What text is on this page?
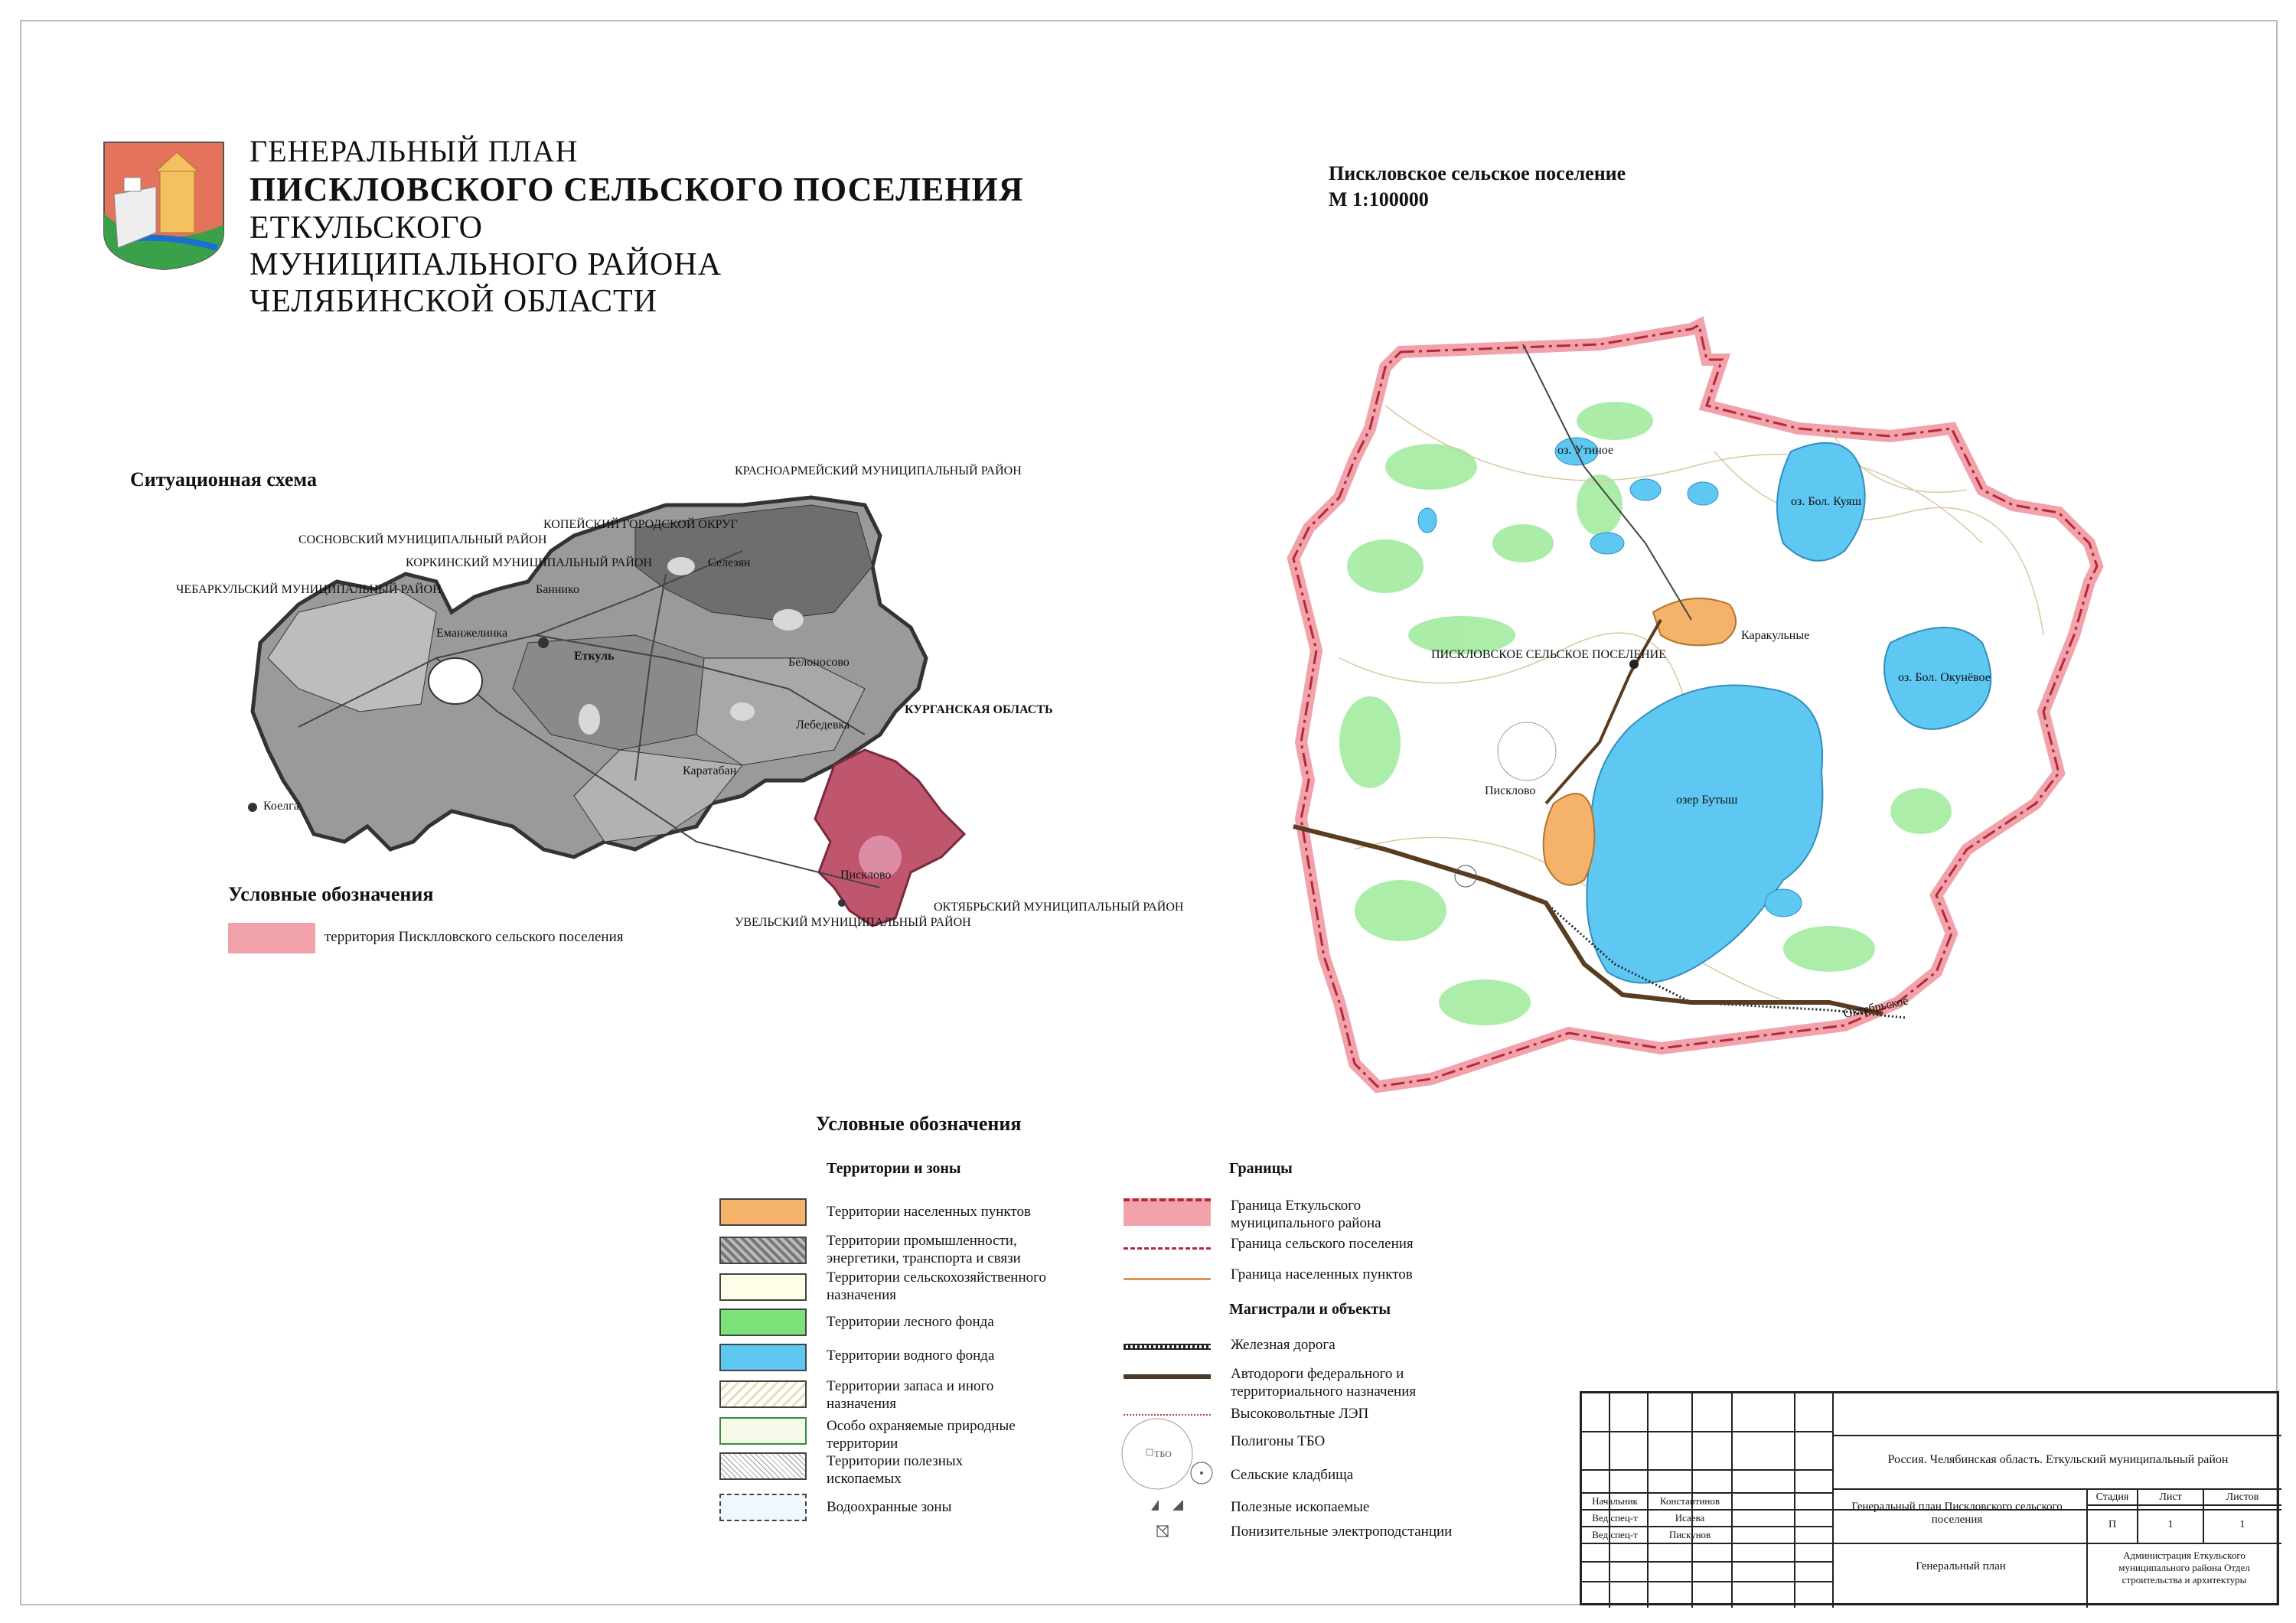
ГЕНЕРАЛЬНЫЙ ПЛАН
ПИСКЛОВСКОГО СЕЛЬСКОГО ПОСЕЛЕНИЯ
ЕТКУЛЬСКОГО
МУНИЦИПАЛЬНОГО РАЙОНА
ЧЕЛЯБИНСКОЙ ОБЛАСТИ
Ситуационная схема
Еткуль
Писклово
Лебедевка
Белоносово
Селезян
Каратабан
КУРГАНСКАЯ ОБЛАСТЬ
КРАСНОАРМЕЙСКИЙ МУНИЦИПАЛЬНЫЙ РАЙОН
УВЕЛЬСКИЙ МУНИЦИПАЛЬНЫЙ РАЙОН
ЧЕБАРКУЛЬСКИЙ МУНИЦИПАЛЬНЫЙ РАЙОН
СОСНОВСКИЙ МУНИЦИПАЛЬНЫЙ РАЙОН
КОРКИНСКИЙ МУНИЦИПАЛЬНЫЙ РАЙОН
КОПЕЙСКИЙ ГОРОДСКОЙ ОКРУГ
ОКТЯБРЬСКИЙ МУНИЦИПАЛЬНЫЙ РАЙОН
Коелга
Еманжелинка
Баннико
Условные обозначения
территория Писклловского сельского поселения
Пискловское сельское поселение
М 1:100000
ПИСКЛОВСКОЕ СЕЛЬСКОЕ ПОСЕЛЕНИЕ
Писклово
Октябрьское
озер Бутыш
оз. Утиное
оз. Бол. Куяш
оз. Бол. Окунёвое
Каракульные
Условные обозначения
Территории и зоны
Территории населенных пунктов
Территории промышленности, энергетики, транспорта и связи
Территории сельскохозяйственного назначения
Территории лесного фонда
Территории водного фонда
Территории запаса и иного назначения
Особо охраняемые природные территории
Территории полезных ископаемых
Водоохранные зоны
Границы
Граница Еткульского муниципального района
Граница сельского поселения
Граница населенных пунктов
Магистрали и объекты
Железная дорога
Автодороги федерального и территориального назначения
Высоковольтные ЛЭП
ТБО
Полигоны ТБО
Сельские кладбища
Полезные ископаемые
Понизительные электроподстанции
Россия. Челябинская область. Еткульский муниципальный район
Генеральный план Пискловского сельского поселения
Стадия	Лист	Листов
П	1	1
Начальник	Константинов
Вед.спец-т	Исаева
Вед.спец-т	Пискунов
Генеральный план
Администрация Еткульского муниципального района Отдел строительства и архитектуры
